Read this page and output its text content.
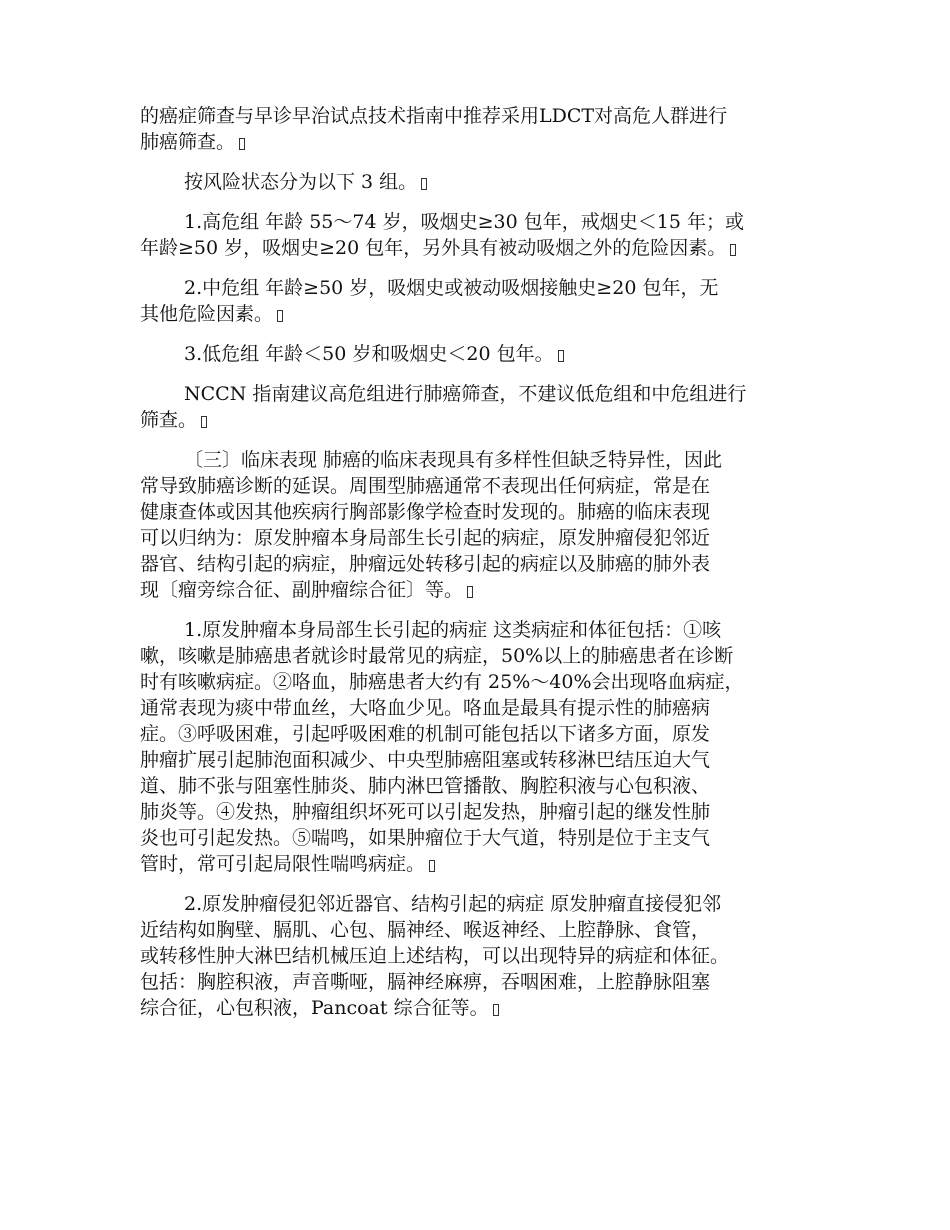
的癌症筛查与早诊早治试点技术指南中推荐采用LDCT对高危人群进行
肺癌筛查。
按风险状态分为以下 3 组。
1.高危组 年龄 55～74 岁，吸烟史≥30 包年，戒烟史＜15 年；或
年龄≥50 岁，吸烟史≥20 包年，另外具有被动吸烟之外的危险因素。
2.中危组 年龄≥50 岁，吸烟史或被动吸烟接触史≥20 包年，无
其他危险因素。
3.低危组 年龄＜50 岁和吸烟史＜20 包年。
NCCN 指南建议高危组进行肺癌筛查，不建议低危组和中危组进行
筛查。
〔三〕临床表现 肺癌的临床表现具有多样性但缺乏特异性，因此
常导致肺癌诊断的延误。周围型肺癌通常不表现出任何病症，常是在
健康查体或因其他疾病行胸部影像学检查时发现的。肺癌的临床表现
可以归纳为：原发肿瘤本身局部生长引起的病症，原发肿瘤侵犯邻近
器官、结构引起的病症，肿瘤远处转移引起的病症以及肺癌的肺外表
现〔瘤旁综合征、副肿瘤综合征〕等。
1.原发肿瘤本身局部生长引起的病症 这类病症和体征包括：①咳
嗽，咳嗽是肺癌患者就诊时最常见的病症，50%以上的肺癌患者在诊断
时有咳嗽病症。②咯血，肺癌患者大约有 25%～40%会出现咯血病症，
通常表现为痰中带血丝，大咯血少见。咯血是最具有提示性的肺癌病
症。③呼吸困难，引起呼吸困难的机制可能包括以下诸多方面，原发
肿瘤扩展引起肺泡面积减少、中央型肺癌阻塞或转移淋巴结压迫大气
道、肺不张与阻塞性肺炎、肺内淋巴管播散、胸腔积液与心包积液、
肺炎等。④发热，肿瘤组织坏死可以引起发热，肿瘤引起的继发性肺
炎也可引起发热。⑤喘鸣，如果肿瘤位于大气道，特别是位于主支气
管时，常可引起局限性喘鸣病症。
2.原发肿瘤侵犯邻近器官、结构引起的病症 原发肿瘤直接侵犯邻
近结构如胸壁、膈肌、心包、膈神经、喉返神经、上腔静脉、食管，
或转移性肿大淋巴结机械压迫上述结构，可以出现特异的病症和体征。
包括：胸腔积液，声音嘶哑，膈神经麻痹，吞咽困难，上腔静脉阻塞
综合征，心包积液，Pancoat 综合征等。
